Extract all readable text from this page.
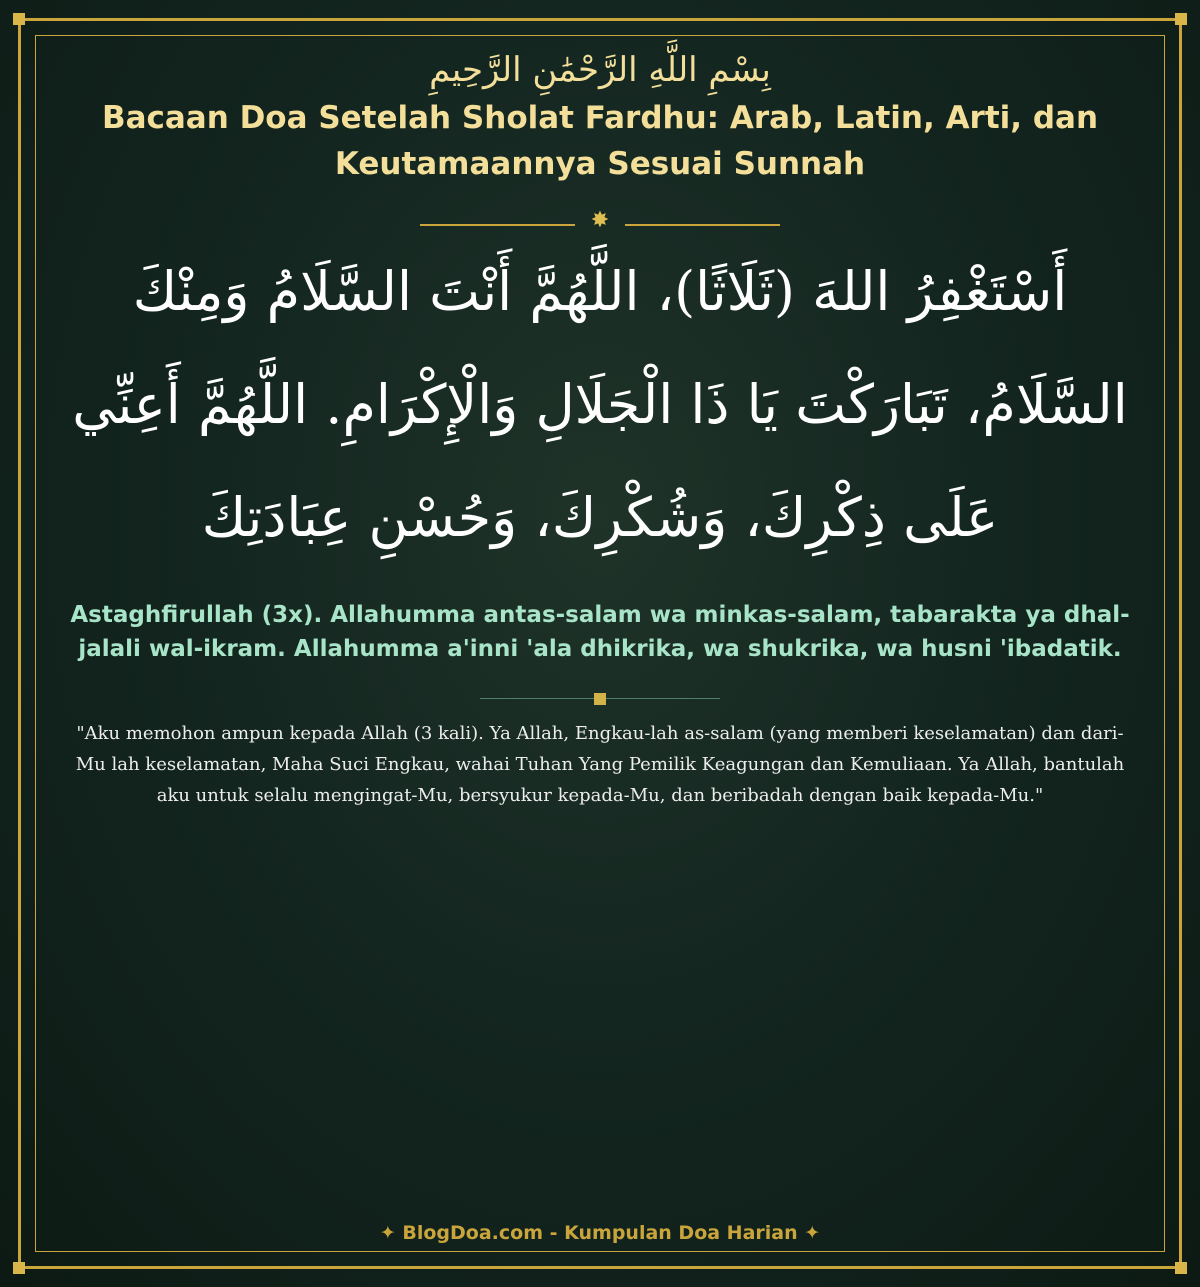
بِسْمِ اللَّهِ الرَّحْمَٰنِ الرَّحِيمِ

Bacaan Doa Setelah Sholat Fardhu: Arab, Latin, Arti, dan Keutamaannya Sesuai Sunnah

✸

أَسْتَغْفِرُ اللهَ (ثَلَاثًا)، اللَّهُمَّ أَنْتَ السَّلَامُ وَمِنْكَ السَّلَامُ، تَبَارَكْتَ يَا ذَا الْجَلَالِ وَالْإِكْرَامِ. اللَّهُمَّ أَعِنِّي عَلَى ذِكْرِكَ، وَشُكْرِكَ، وَحُسْنِ عِبَادَتِكَ

Astaghfirullah (3x). Allahumma antas-salam wa minkas-salam, tabarakta ya dhal-jalali wal-ikram. Allahumma a'inni 'ala dhikrika, wa shukrika, wa husni 'ibadatik.

"Aku memohon ampun kepada Allah (3 kali). Ya Allah, Engkau-lah as-salam (yang memberi keselamatan) dan dari-Mu lah keselamatan, Maha Suci Engkau, wahai Tuhan Yang Pemilik Keagungan dan Kemuliaan. Ya Allah, bantulah aku untuk selalu mengingat-Mu, bersyukur kepada-Mu, dan beribadah dengan baik kepada-Mu."

✦ BlogDoa.com - Kumpulan Doa Harian ✦
